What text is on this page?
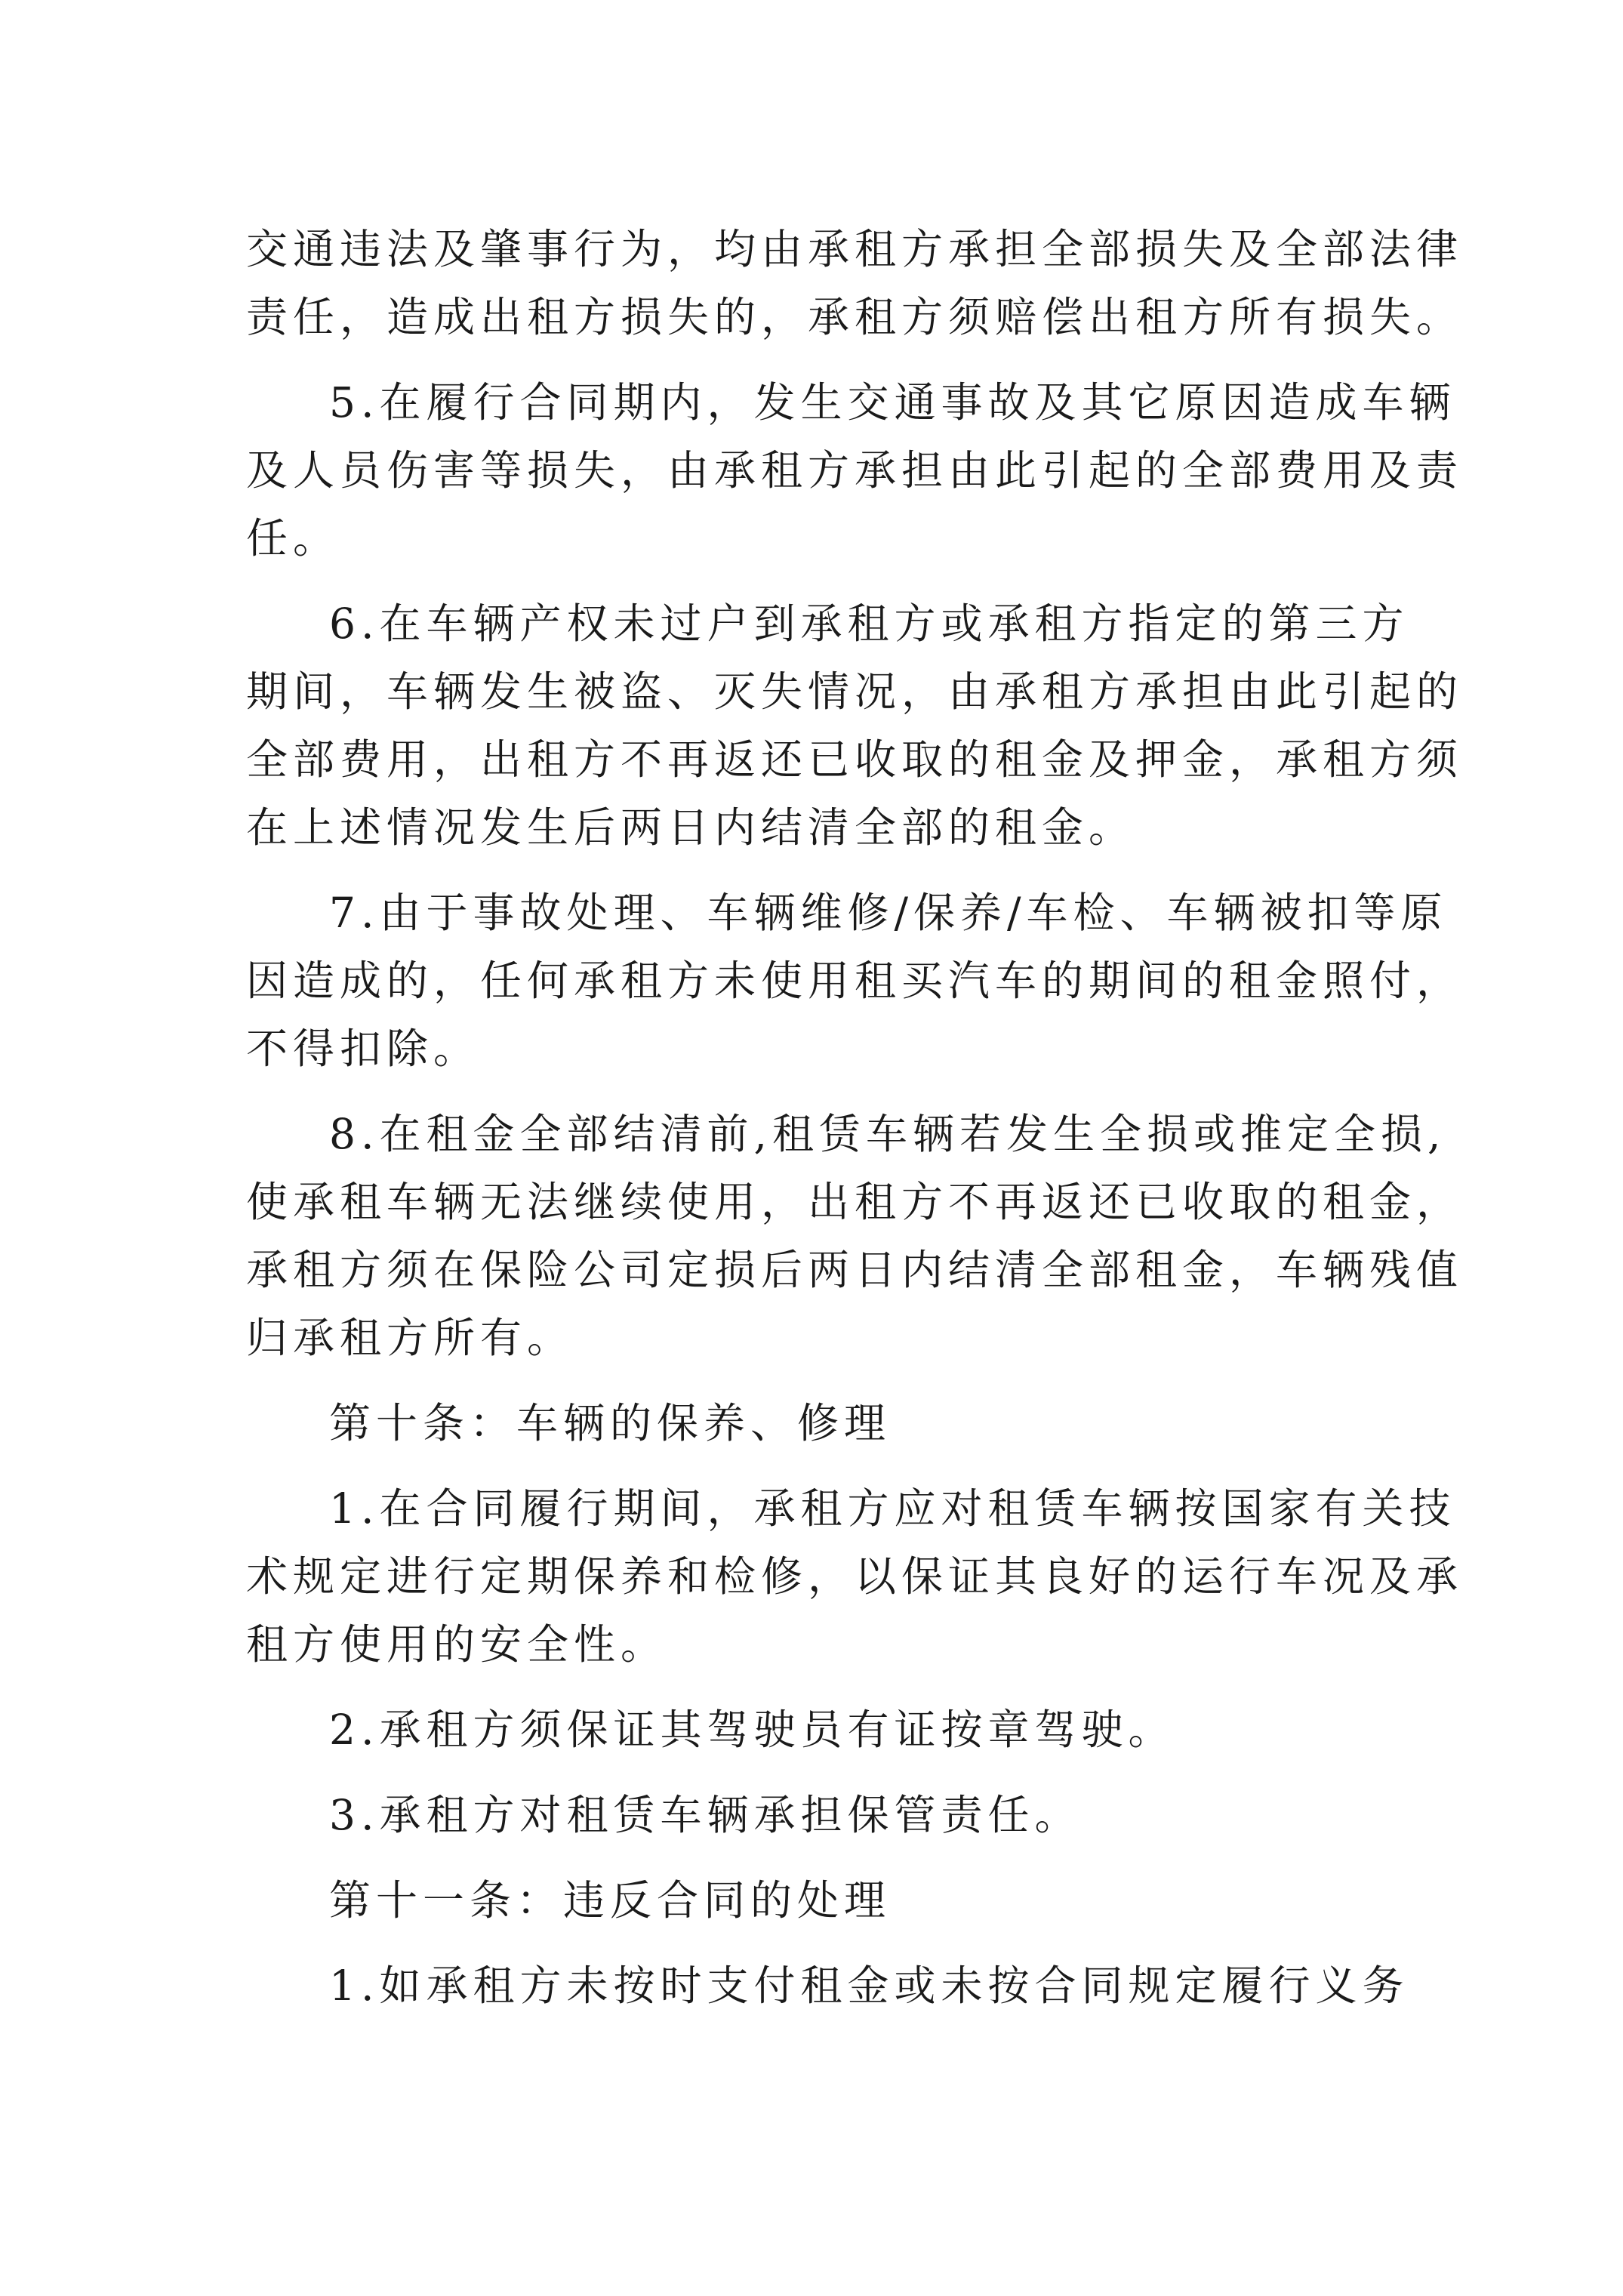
交通违法及肇事行为，均由承租方承担全部损失及全部法律
责任，造成出租方损失的，承租方须赔偿出租方所有损失。
5.在履行合同期内，发生交通事故及其它原因造成车辆
及人员伤害等损失，由承租方承担由此引起的全部费用及责
任。
6.在车辆产权未过户到承租方或承租方指定的第三方
期间，车辆发生被盗、灭失情况，由承租方承担由此引起的
全部费用，出租方不再返还已收取的租金及押金，承租方须
在上述情况发生后两日内结清全部的租金。
7.由于事故处理、车辆维修/保养/车检、车辆被扣等原
因造成的，任何承租方未使用租买汽车的期间的租金照付，
不得扣除。
8.在租金全部结清前,租赁车辆若发生全损或推定全损,
使承租车辆无法继续使用，出租方不再返还已收取的租金，
承租方须在保险公司定损后两日内结清全部租金，车辆残值
归承租方所有。
第十条：车辆的保养、修理
1.在合同履行期间，承租方应对租赁车辆按国家有关技
术规定进行定期保养和检修，以保证其良好的运行车况及承
租方使用的安全性。
2.承租方须保证其驾驶员有证按章驾驶。
3.承租方对租赁车辆承担保管责任。
第十一条：违反合同的处理
1.如承租方未按时支付租金或未按合同规定履行义务
